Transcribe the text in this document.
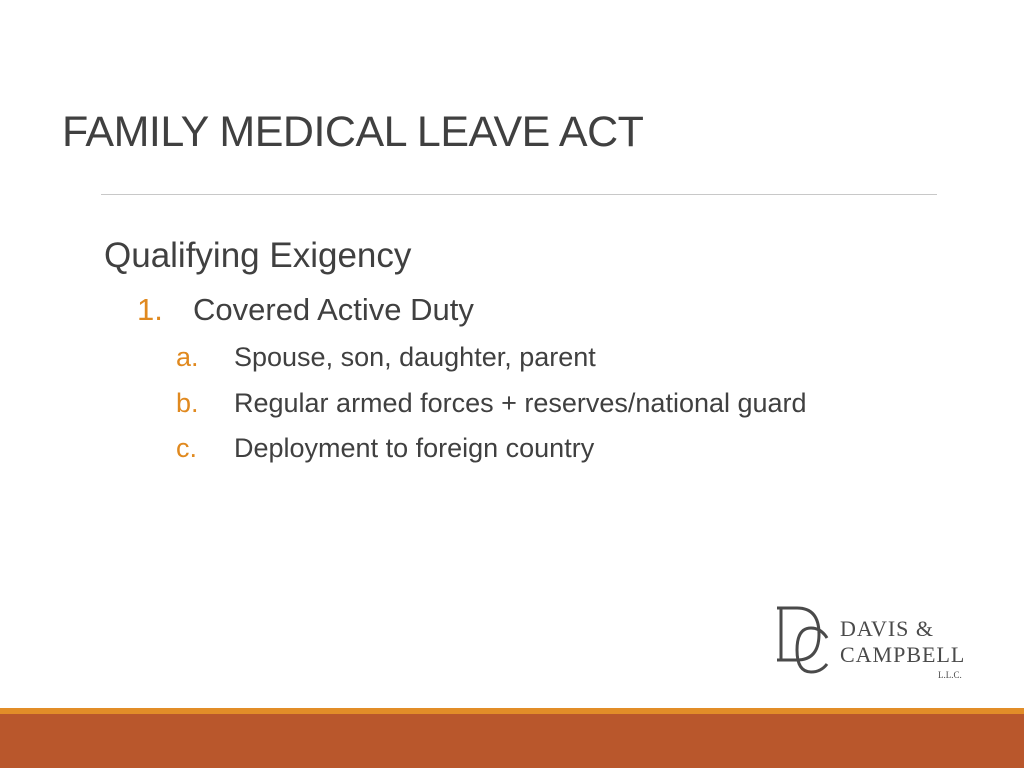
FAMILY MEDICAL LEAVE ACT
Qualifying Exigency
1. Covered Active Duty
a. Spouse, son, daughter, parent
b. Regular armed forces + reserves/national guard
c. Deployment to foreign country
DAVIS &
CAMPBELL
L.L.C.
